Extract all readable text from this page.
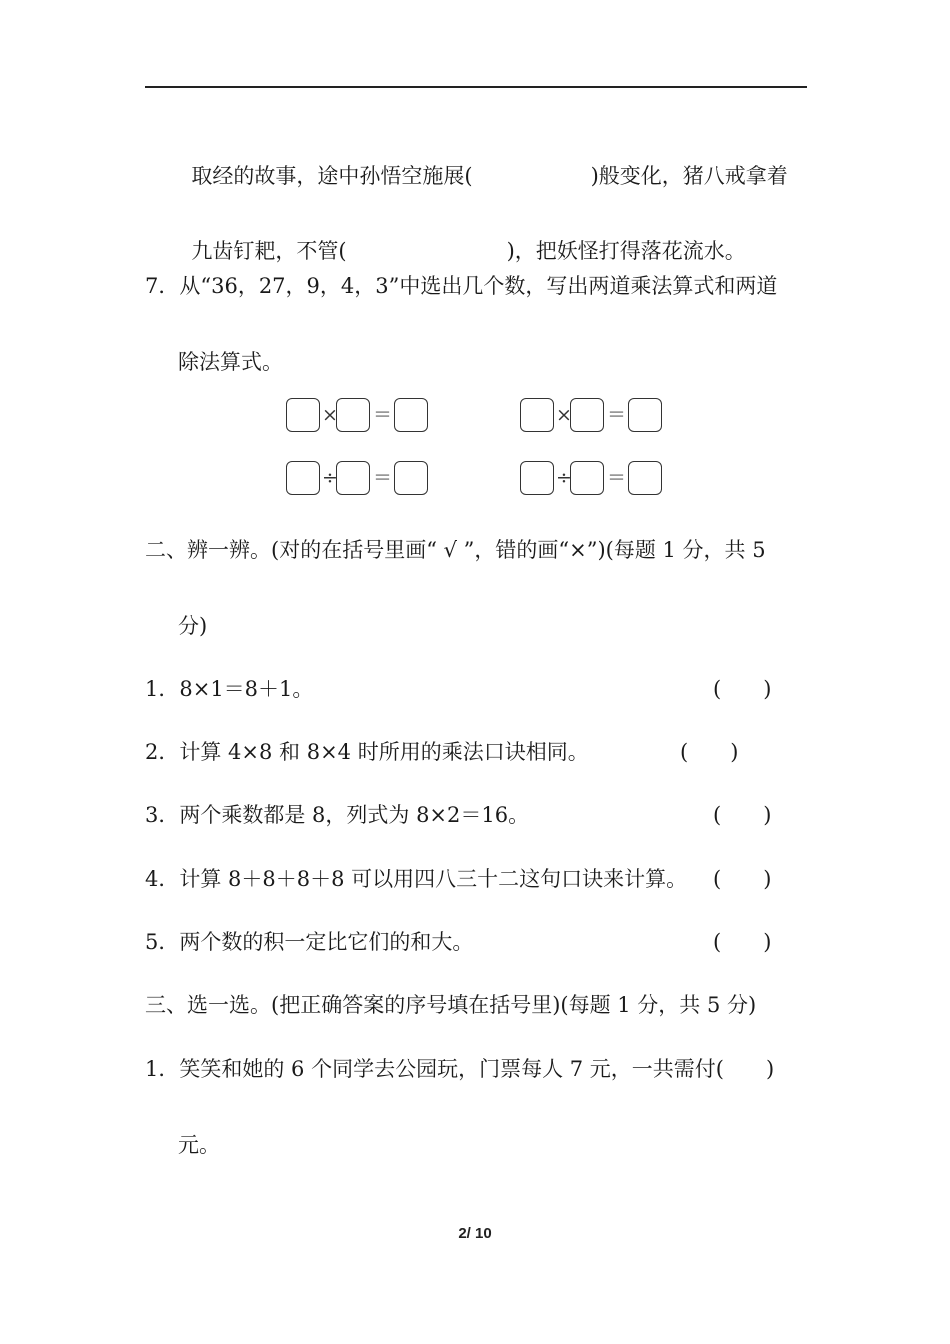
取经的故事，途中孙悟空施展(	)般变化，猪八戒拿着

九齿钉耙，不管(	)，把妖怪打得落花流水。

7．从“36，27，9，4，3”中选出几个数，写出两道乘法算式和两道
除法算式。
× ＝
÷ ＝
× ＝
÷ ＝
二、辨一辨。(对的在括号里画“ √ ”，错的画“×”)(每题 1 分，共 5
分)
1．8×1＝8＋1。	(　　)
2．计算 4×8 和 8×4 时所用的乘法口诀相同。	(　　)
3．两个乘数都是 8，列式为 8×2＝16。	(　　)
4．计算 8＋8＋8＋8 可以用四八三十二这句口诀来计算。 (　　)
5．两个数的积一定比它们的和大。	(　　)
三、选一选。(把正确答案的序号填在括号里)(每题 1 分，共 5 分)
1．笑笑和她的 6 个同学去公园玩，门票每人 7 元，一共需付(　　)
元。
2/ 10
